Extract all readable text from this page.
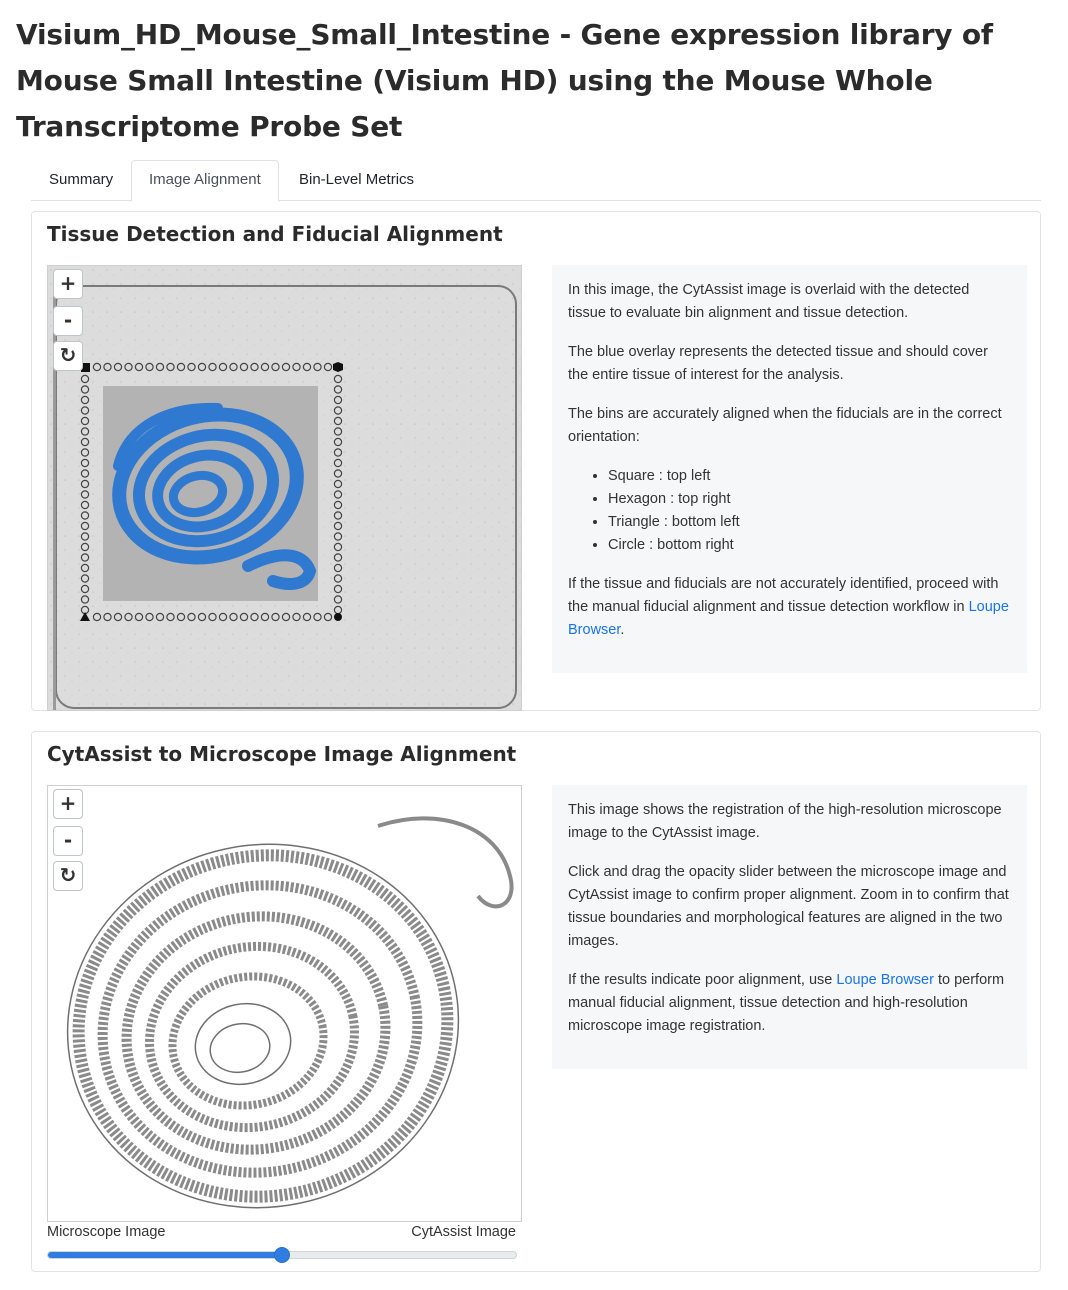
Visium_HD_Mouse_Small_Intestine - Gene expression library of Mouse Small Intestine (Visium HD) using the Mouse Whole Transcriptome Probe Set
Summary	Image Alignment	Bin-Level Metrics
Tissue Detection and Fiducial Alignment
+
-
↻

In this image, the CytAssist image is overlaid with the detected tissue to evaluate bin alignment and tissue detection.

The blue overlay represents the detected tissue and should cover the entire tissue of interest for the analysis.

The bins are accurately aligned when the fiducials are in the correct orientation:

• Square : top left
• Hexagon : top right
• Triangle : bottom left
• Circle : bottom right

If the tissue and fiducials are not accurately identified, proceed with the manual fiducial alignment and tissue detection workflow in Loupe Browser.

CytAssist to Microscope Image Alignment
+
-
↻

This image shows the registration of the high-resolution microscope image to the CytAssist image.

Click and drag the opacity slider between the microscope image and CytAssist image to confirm proper alignment. Zoom in to confirm that tissue boundaries and morphological features are aligned in the two images.

If the results indicate poor alignment, use Loupe Browser to perform manual fiducial alignment, tissue detection and high-resolution microscope image registration.

Microscope Image	CytAssist Image
